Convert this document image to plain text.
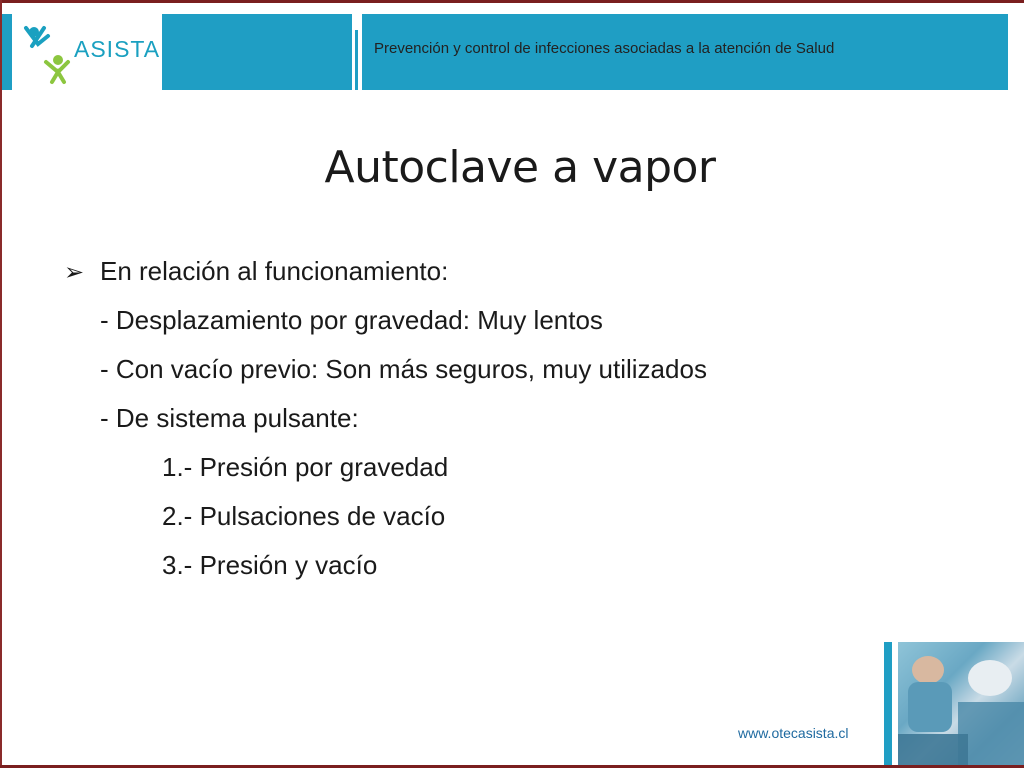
ASISTA	Prevención y control de infecciones asociadas a la atención de Salud
Autoclave a vapor
➢ En relación al funcionamiento:
- Desplazamiento por gravedad: Muy lentos
- Con vacío previo: Son más seguros, muy utilizados
- De sistema pulsante:
1.- Presión por gravedad
2.- Pulsaciones de vacío
3.- Presión y vacío
www.otecasista.cl
